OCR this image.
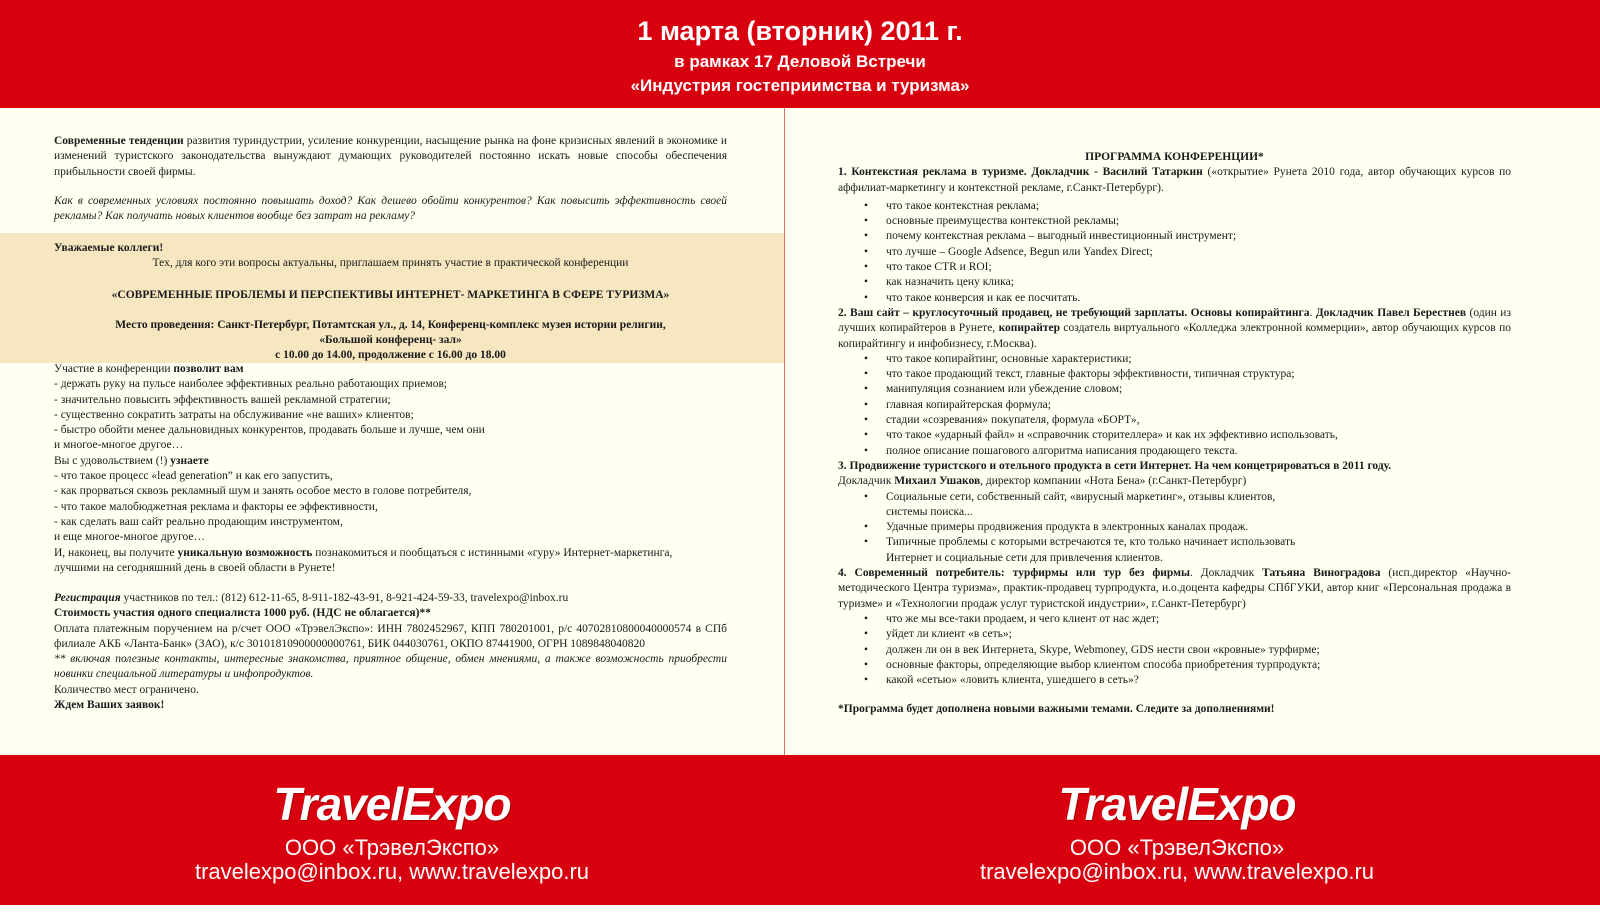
1 марта (вторник) 2011 г.
в рамках 17 Деловой Встречи
«Индустрия гостеприимства и туризма»
Современные тенденции развития туриндустрии, усиление конкуренции, насыщение рынка на фоне кризисных явлений в экономике и изменений туристского законодательства вынуждают думающих руководителей постоянно искать новые способы обеспечения прибыльности своей фирмы.
Как в современных условиях постоянно повышать доход? Как дешево обойти конкурентов? Как повысить эффективность своей рекламы? Как получать новых клиентов вообще без затрат на рекламу?
Уважаемые коллеги!
Тех, для кого эти вопросы актуальны, приглашаем принять участие в практической конференции
«СОВРЕМЕННЫЕ ПРОБЛЕМЫ И ПЕРСПЕКТИВЫ ИНТЕРНЕТ- МАРКЕТИНГА В СФЕРЕ ТУРИЗМА»
Место проведения: Санкт-Петербург, Потамтская ул., д. 14, Конференц-комплекс музея истории религии,
«Большой конференц- зал»
с 10.00 до 14.00, продолжение с 16.00 до 18.00
Участие в конференции позволит вам
- держать руку на пульсе наиболее эффективных реально работающих приемов;
- значительно повысить эффективность вашей рекламной стратегии;
- существенно сократить затраты на обслуживание «не ваших» клиентов;
- быстро обойти менее дальновидных конкурентов, продавать больше и лучше, чем они
и многое-многое другое…
Вы с удовольствием (!) узнаете
- что такое процесс «lead generation” и как его запустить,
- как прорваться сквозь рекламный шум и занять особое место в голове потребителя,
- что такое малобюджетная реклама и факторы ее эффективности,
- как сделать ваш сайт реально продающим инструментом,
и еще многое-многое другое…
И, наконец, вы получите уникальную возможность познакомиться и пообщаться с истинными «гуру» Интернет-маркетинга, лучшими на сегодняшний день в своей области в Рунете!
Регистрация участников по тел.: (812) 612-11-65, 8-911-182-43-91, 8-921-424-59-33, travelexpo@inbox.ru
Стоимость участия одного специалиста 1000 руб. (НДС не облагается)**
Оплата платежным поручением на р/счет ООО «ТрэвелЭкспо»: ИНН 7802452967, КПП 780201001, р/с 40702810800040000574 в СПб филиале АКБ «Ланта-Банк» (ЗАО), к/с 30101810900000000761, БИК 044030761, ОКПО 87441900, ОГРН 1089848040820
** включая полезные контакты, интересные знакомства, приятное общение, обмен мнениями, а также возможность приобрести новинки специальной литературы и инфопродуктов.
Количество мест ограничено.
Ждем Ваших заявок!
ПРОГРАММА КОНФЕРЕНЦИИ*
1. Контекстная реклама в туризме. Докладчик - Василий Татаркин («открытие» Рунета 2010 года, автор обучающих курсов по аффилиат-маркетингу и контекстной рекламе, г.Санкт-Петербург).
• что такое контекстная реклама;
• основные преимущества контекстной рекламы;
• почему контекстная реклама – выгодный инвестиционный инструмент;
• что лучше – Google Adsence, Begun или Yandex Direct;
• что такое CTR и ROI;
• как назначить цену клика;
• что такое конверсия и как ее посчитать.
2. Ваш сайт – круглосуточный продавец, не требующий зарплаты. Основы копирайтинга. Докладчик Павел Берестнев (один из лучших копирайтеров в Рунете, копирайтер создатель виртуального «Колледжа электронной коммерции», автор обучающих курсов по копирайтингу и инфобизнесу, г.Москва).
• что такое копирайтинг, основные характеристики;
• что такое продающий текст, главные факторы эффективности, типичная структура;
• манипуляция сознанием или убеждение словом;
• главная копирайтерская формула;
• стадии «созревания» покупателя, формула «БОРТ»,
• что такое «ударный файл» и «справочник сторителлера» и как их эффективно использовать,
• полное описание пошагового алгоритма написания продающего текста.
3. Продвижение туристского и отельного продукта в сети Интернет. На чем концетрироваться в 2011 году.
Докладчик Михаил Ушаков, директор компании «Нота Бена» (г.Санкт-Петербург)
• Социальные сети, собственный сайт, «вирусный маркетинг», отзывы клиентов, системы поиска...
• Удачные примеры продвижения продукта в электронных каналах продаж.
• Типичные проблемы с которыми встречаются те, кто только начинает использовать Интернет и социальные сети для привлечения клиентов.
4. Современный потребитель: турфирмы или тур без фирмы. Докладчик Татьяна Виноградова (исп.директор «Научно-методического Центра туризма», практик-продавец турпродукта, и.о.доцента кафедры СПбГУКИ, автор книг «Персональная продажа в туризме» и «Технологии продаж услуг туристской индустрии», г.Санкт-Петербург)
• что же мы все-таки продаем, и чего клиент от нас ждет;
• уйдет ли клиент «в сеть»;
• должен ли он в век Интернета, Skype, Webmoney, GDS нести свои «кровные» турфирме;
• основные факторы, определяющие выбор клиентом способа приобретения турпродукта;
• какой «сетью» «ловить клиента, ушедшего в сеть»?
*Программа будет дополнена новыми важными темами. Следите за дополнениями!
TravelExpo
ООО «ТрэвелЭкспо»
travelexpo@inbox.ru, www.travelexpo.ru
TravelExpo
ООО «ТрэвелЭкспо»
travelexpo@inbox.ru, www.travelexpo.ru
